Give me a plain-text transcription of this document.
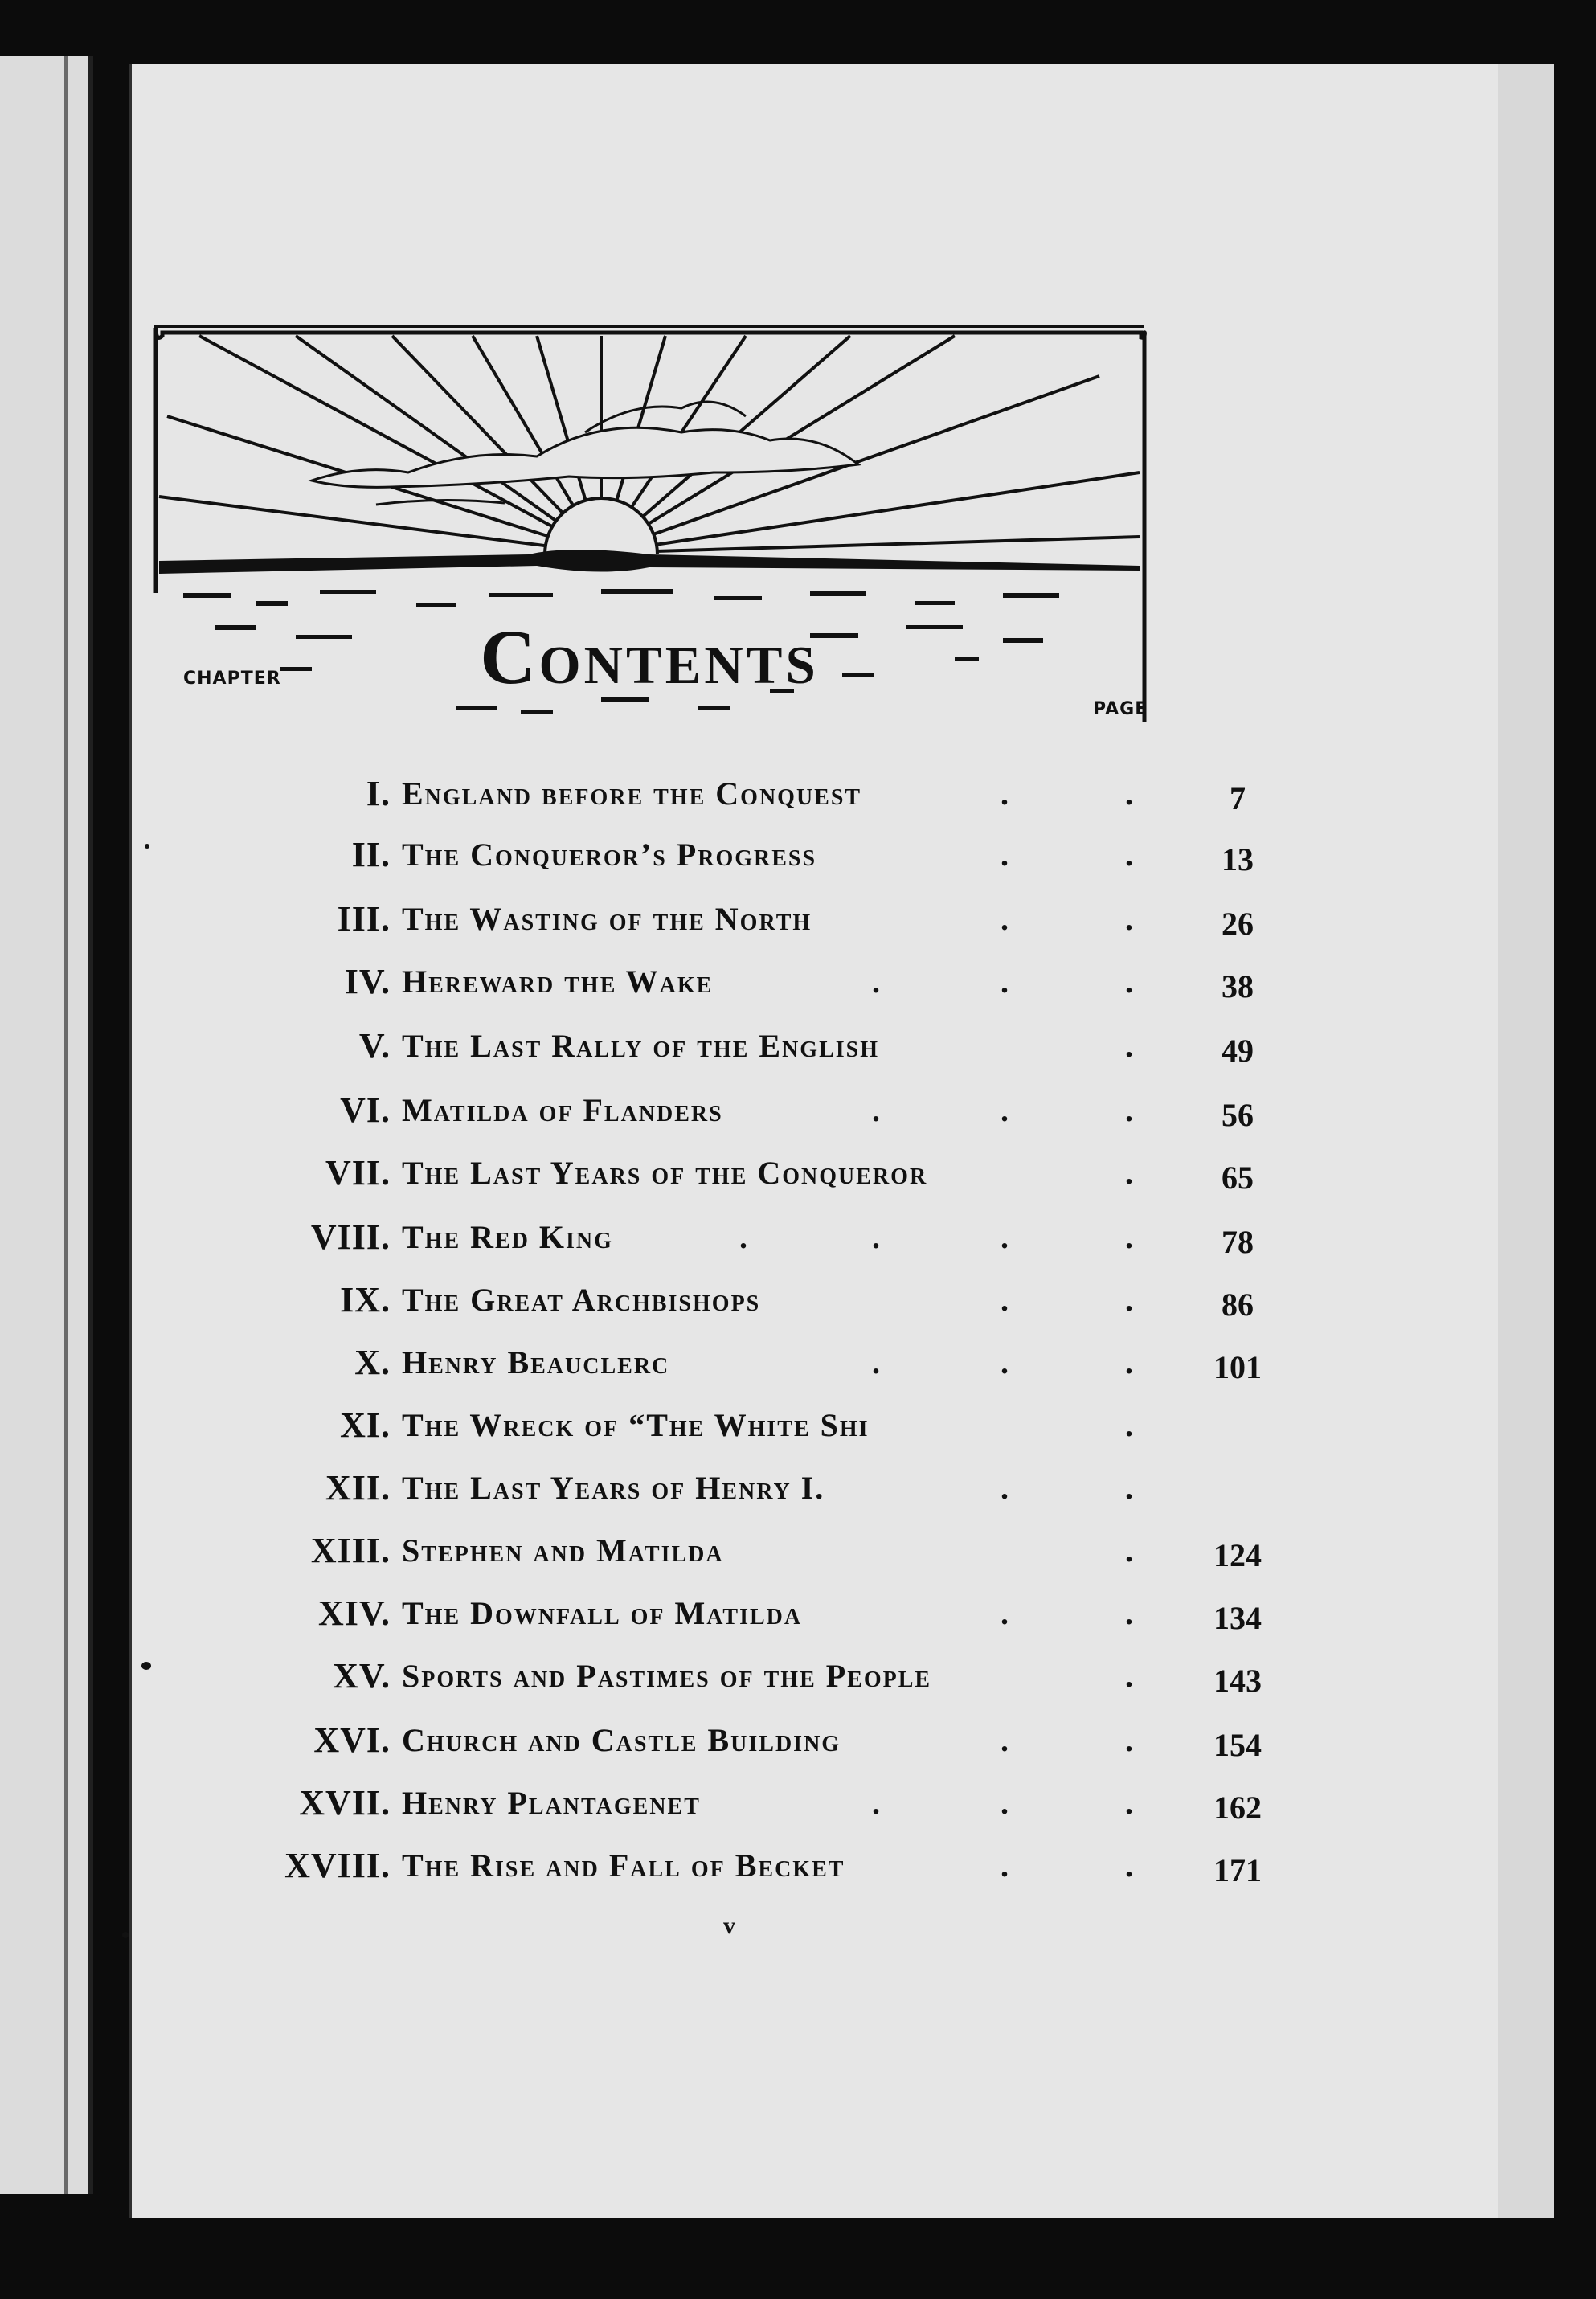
Contents
CHAPTER
PAGE
I. England before the Conquest	.	.	7
II. The Conqueror’s Progress	.	.	13
III. The Wasting of the North	.	.	26
IV. Hereward the Wake	.	.	.	38
V. The Last Rally of the English	.	49
VI. Matilda of Flanders	.	.	.	56
VII. The Last Years of the Conqueror	.	65
VIII. The Red King	.	.	.	.	78
IX. The Great Archbishops	.	.	86
X. Henry Beauclerc	.	.	.	101
XI. The Wreck of “The White Shi	.
XII. The Last Years of Henry I.	.	.
XIII. Stephen and Matilda	.	124
XIV. The Downfall of Matilda	.	.	134
XV. Sports and Pastimes of the People	.	143
XVI. Church and Castle Building	.	.	154
XVII. Henry Plantagenet	.	.	.	162
XVIII. The Rise and Fall of Becket	.	.	171
v
